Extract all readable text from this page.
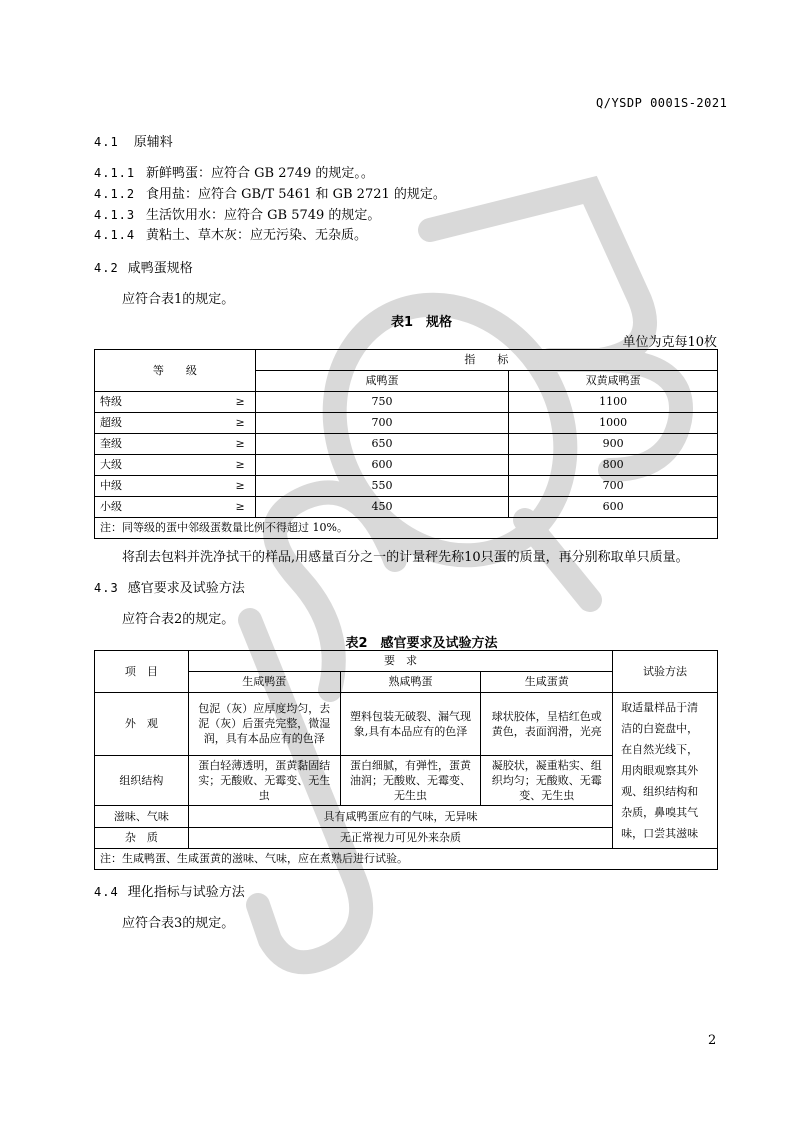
Q/YSDP 0001S-2021
4.1 原辅料
4.1.1 新鲜鸭蛋：应符合 GB 2749 的规定。。
4.1.2 食用盐：应符合 GB/T 5461 和 GB 2721 的规定。
4.1.3 生活饮用水：应符合 GB 5749 的规定。
4.1.4 黄粘土、草木灰：应无污染、无杂质。
4.2 咸鸭蛋规格
应符合表1的规定。
表1　规格
单位为克每10枚
等　　级	指　　标	
	咸鸭蛋	双黄咸鸭蛋
特级 ≥	750	1100
超级 ≥	700	1000
奎级 ≥	650	900
大级 ≥	600	800
中级 ≥	550	700
小级 ≥	450	600
注：同等级的蛋中邻级蛋数量比例不得超过 10%。		
将刮去包料并洗净拭干的样品,用感量百分之一的计量秤先称10只蛋的质量，再分别称取单只质量。
4.3 感官要求及试验方法
应符合表2的规定。
表2　感官要求及试验方法
项　目	要　求			试验方法
	生咸鸭蛋	熟咸鸭蛋	生咸蛋黄	
外　观	包泥（灰）应厚度均匀，去泥（灰）后蛋壳完整，微湿润，具有本品应有的色泽	塑料包装无破裂、漏气现象,具有本品应有的色泽	球状胶体，呈桔红色或黄色，表面润滑，光亮	取适量样品于清洁的白瓷盘中，在自然光线下，用肉眼观察其外观、组织结构和杂质，鼻嗅其气味，口尝其滋味
组织结构	蛋白轻薄透明，蛋黄黏固结实；无酸败、无霉变、无生虫	蛋白细腻，有弹性，蛋黄油润；无酸败、无霉变、无生虫	凝胶状，凝重粘实、组织均匀；无酸败、无霉变、无生虫	
滋味、气味	具有咸鸭蛋应有的气味，无异味			
杂　质	无正常视力可见外来杂质			
注：生咸鸭蛋、生咸蛋黄的滋味、气味，应在煮熟后进行试验。				
4.4 理化指标与试验方法
应符合表3的规定。
2
